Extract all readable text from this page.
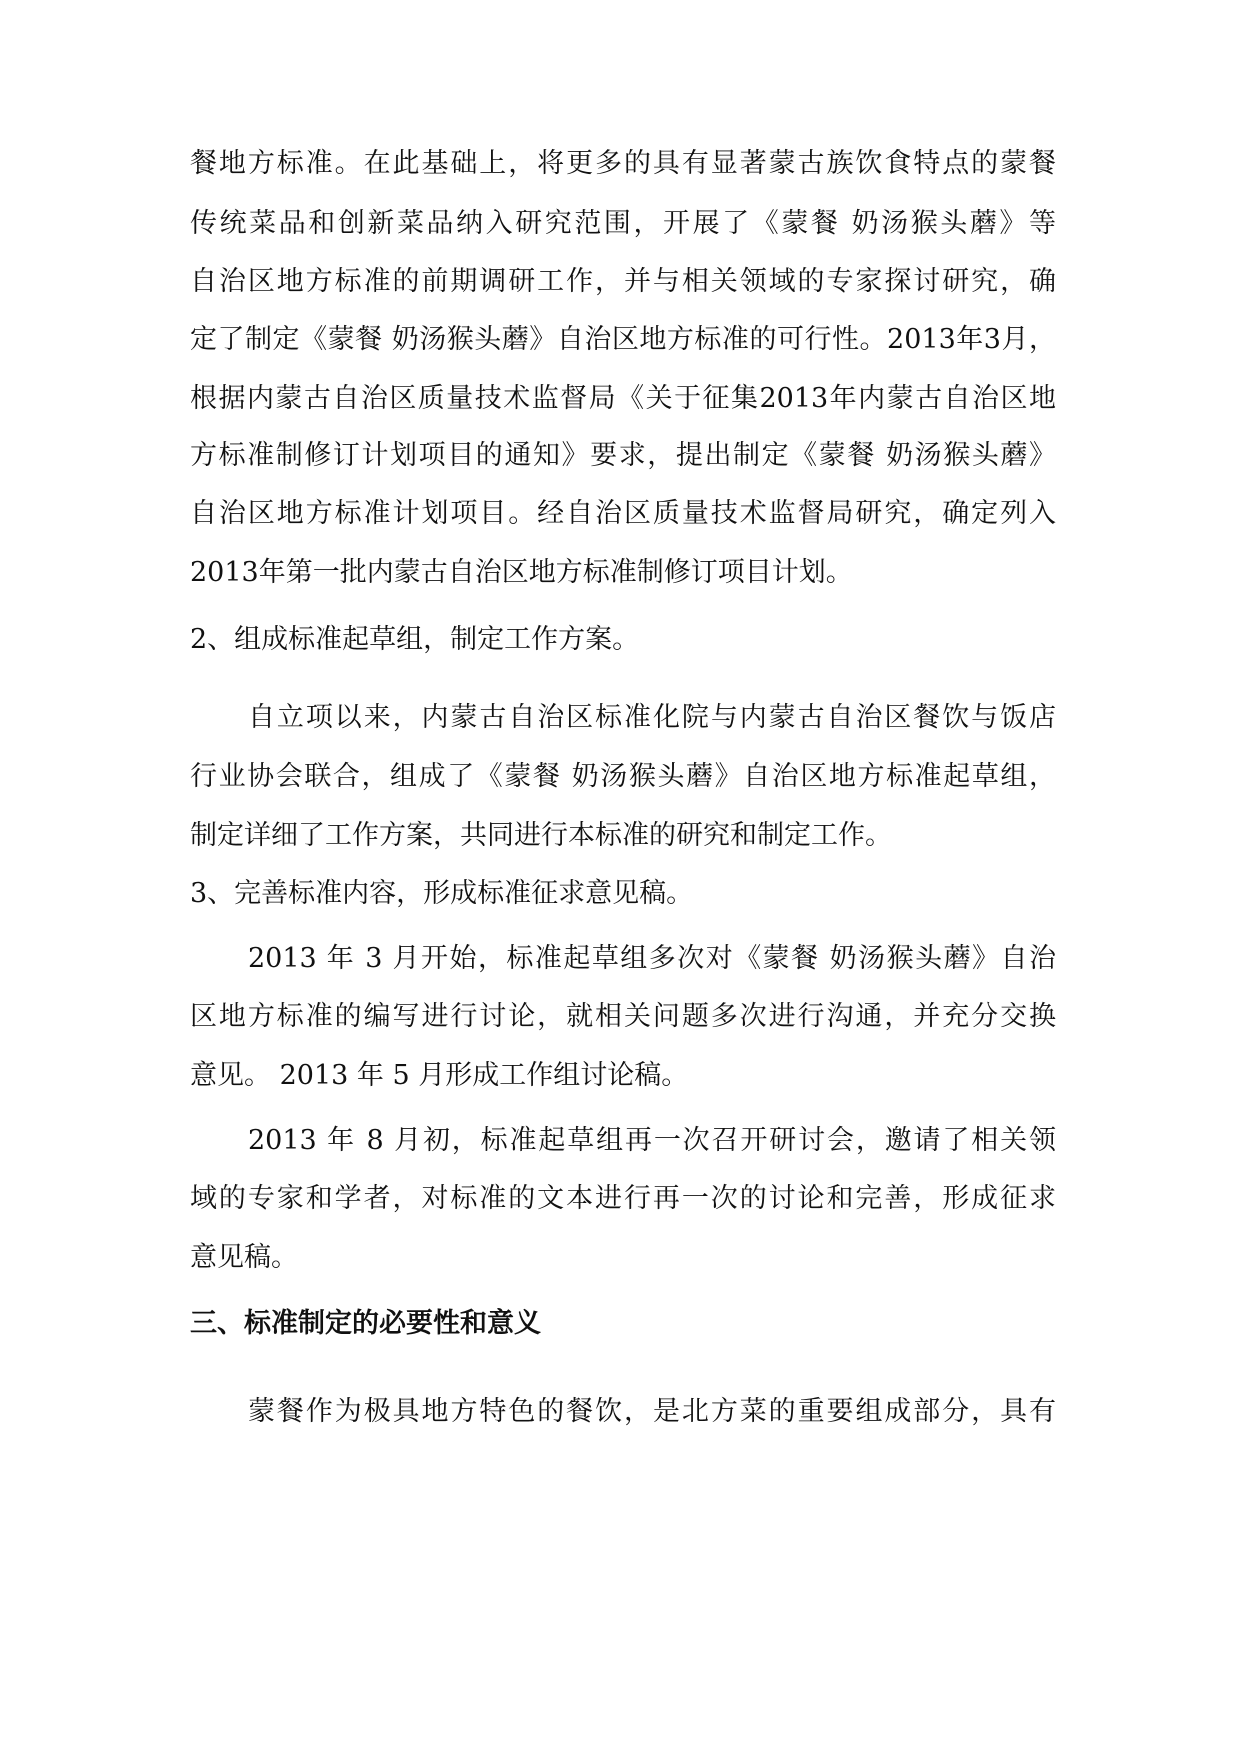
餐地方标准。在此基础上，将更多的具有显著蒙古族饮食特点的蒙餐
传统菜品和创新菜品纳入研究范围，开展了《蒙餐 奶汤猴头蘑》等
自治区地方标准的前期调研工作，并与相关领域的专家探讨研究，确
定了制定《蒙餐 奶汤猴头蘑》自治区地方标准的可行性。2013年3月，
根据内蒙古自治区质量技术监督局《关于征集2013年内蒙古自治区地
方标准制修订计划项目的通知》要求，提出制定《蒙餐 奶汤猴头蘑》
自治区地方标准计划项目。经自治区质量技术监督局研究，确定列入
2013年第一批内蒙古自治区地方标准制修订项目计划。
2、组成标准起草组，制定工作方案。
自立项以来，内蒙古自治区标准化院与内蒙古自治区餐饮与饭店
行业协会联合，组成了《蒙餐 奶汤猴头蘑》自治区地方标准起草组，
制定详细了工作方案，共同进行本标准的研究和制定工作。
3、完善标准内容，形成标准征求意见稿。
2013 年 3 月开始，标准起草组多次对《蒙餐 奶汤猴头蘑》自治
区地方标准的编写进行讨论，就相关问题多次进行沟通，并充分交换
意见。 2013 年 5 月形成工作组讨论稿。
2013 年 8 月初，标准起草组再一次召开研讨会，邀请了相关领
域的专家和学者，对标准的文本进行再一次的讨论和完善，形成征求
意见稿。
三、标准制定的必要性和意义
蒙餐作为极具地方特色的餐饮，是北方菜的重要组成部分，具有
